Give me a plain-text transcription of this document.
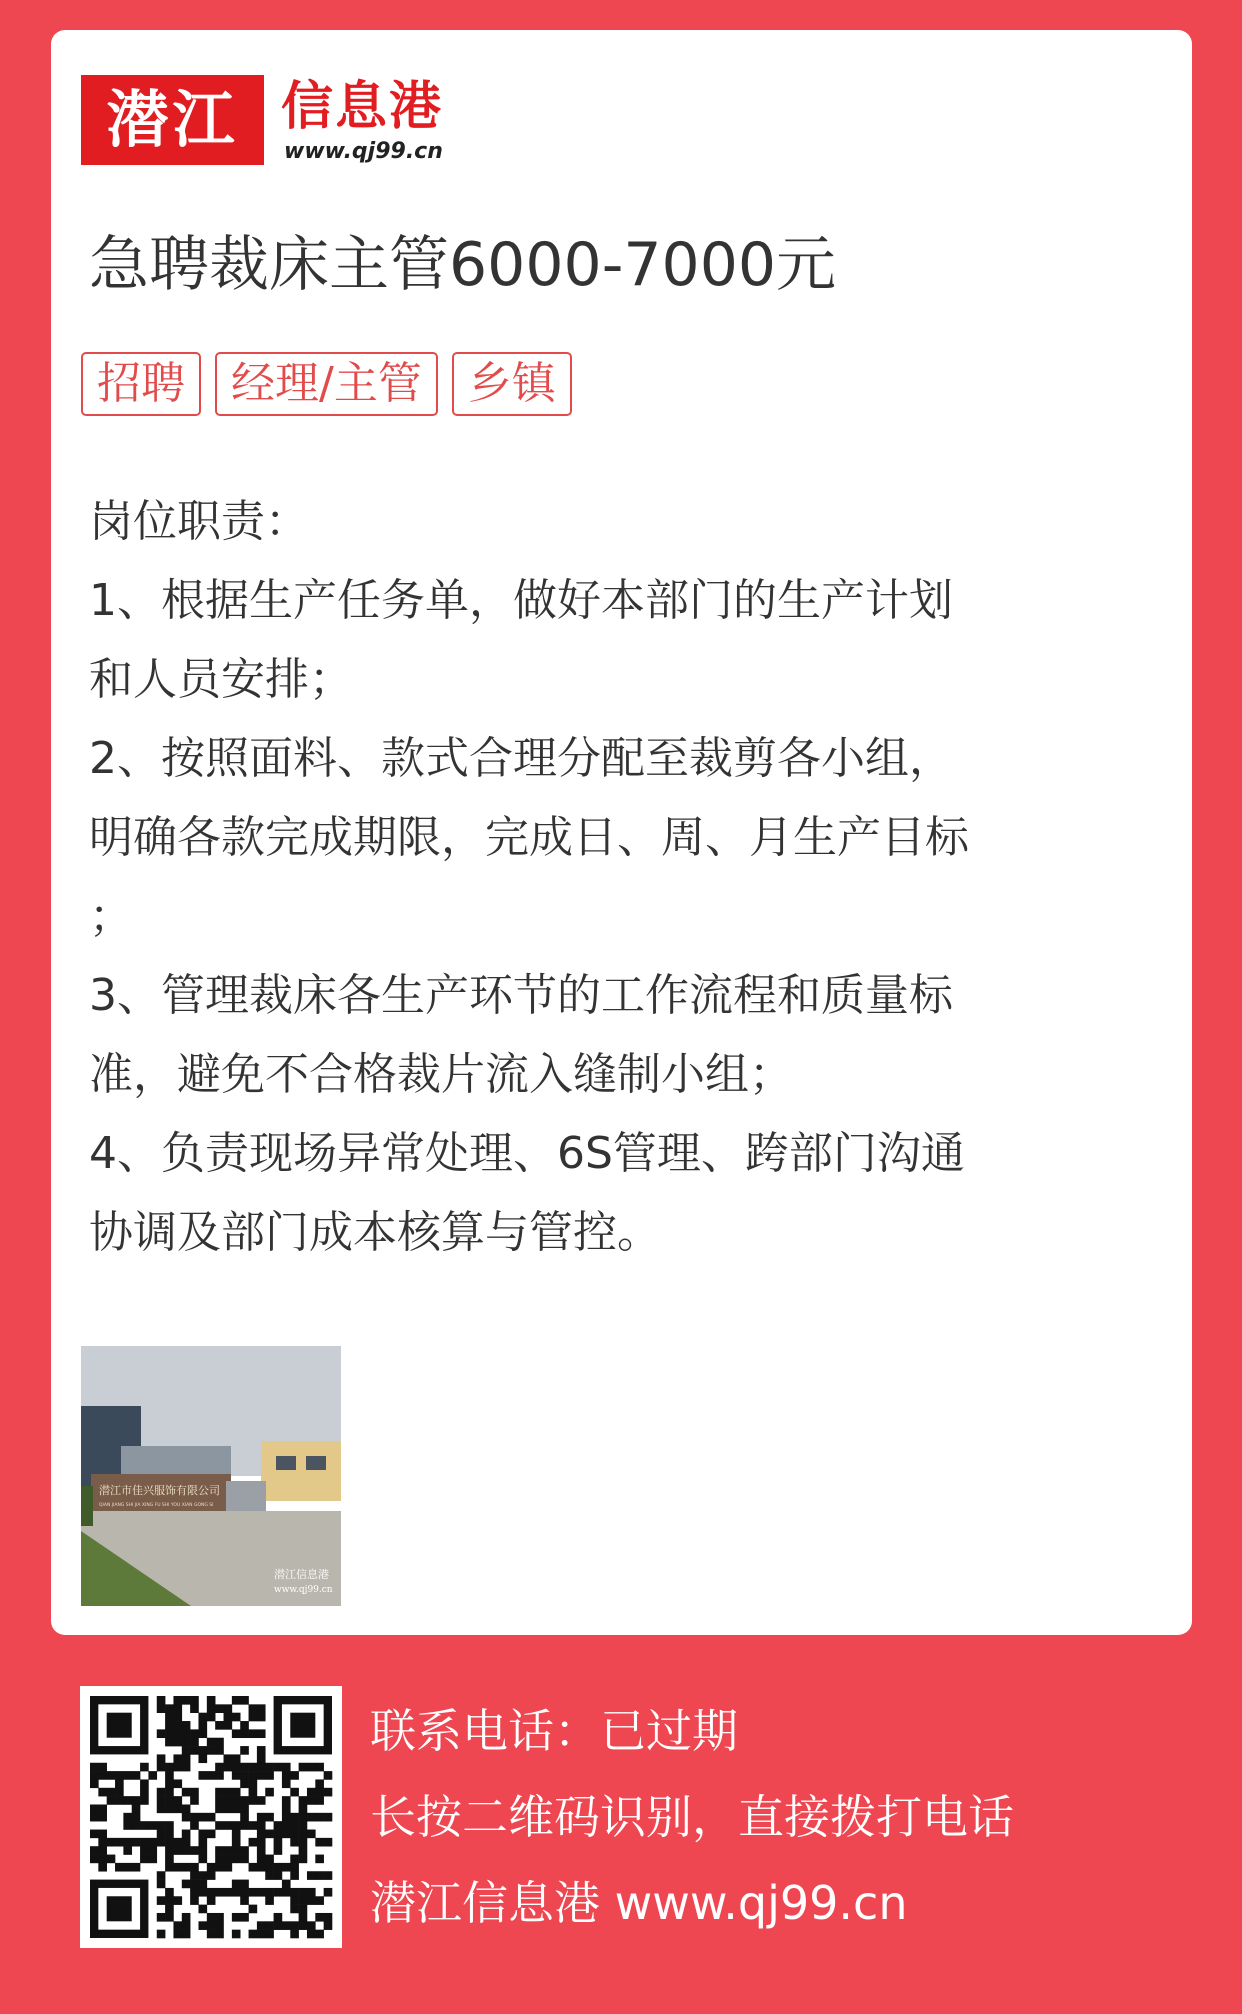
潜江 信息港
www.qj99.cn
急聘裁床主管6000-7000元
招聘	经理/主管	乡镇
岗位职责：
1、根据生产任务单，做好本部门的生产计划
和人员安排；
2、按照面料、款式合理分配至裁剪各小组，
明确各款完成期限，完成日、周、月生产目标
；
3、管理裁床各生产环节的工作流程和质量标
准，避免不合格裁片流入缝制小组；
4、负责现场异常处理、6S管理、跨部门沟通
协调及部门成本核算与管控。
潜江市佳兴服饰有限公司
QIAN JIANG SHI JIA XING FU SHI YOU XIAN GONG SI
潜江信息港
www.qj99.cn
联系电话：已过期
长按二维码识别，直接拨打电话
潜江信息港 www.qj99.cn
